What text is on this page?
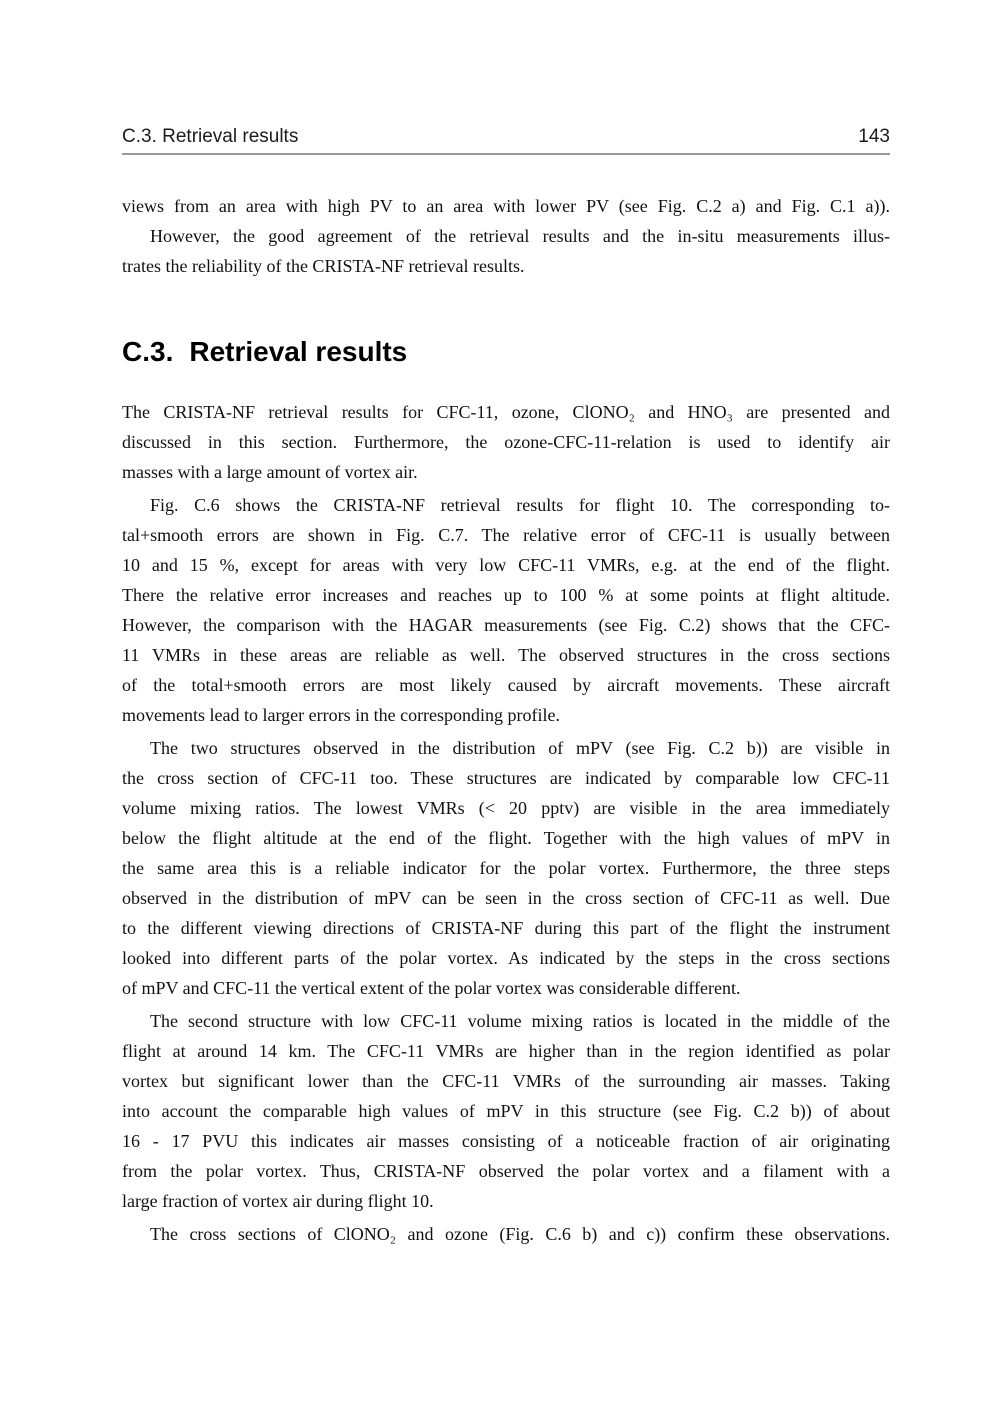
C.3. Retrieval results	143
views from an area with high PV to an area with lower PV (see Fig. C.2 a) and Fig. C.1 a)).
However, the good agreement of the retrieval results and the in-situ measurements illus-
trates the reliability of the CRISTA-NF retrieval results.
C.3. Retrieval results
The CRISTA-NF retrieval results for CFC-11, ozone, ClONO₂ and HNO₃ are presented and
discussed in this section. Furthermore, the ozone-CFC-11-relation is used to identify air
masses with a large amount of vortex air.
Fig. C.6 shows the CRISTA-NF retrieval results for flight 10. The corresponding to-
tal+smooth errors are shown in Fig. C.7. The relative error of CFC-11 is usually between
10 and 15 %, except for areas with very low CFC-11 VMRs, e.g. at the end of the flight.
There the relative error increases and reaches up to 100 % at some points at flight altitude.
However, the comparison with the HAGAR measurements (see Fig. C.2) shows that the CFC-
11 VMRs in these areas are reliable as well. The observed structures in the cross sections
of the total+smooth errors are most likely caused by aircraft movements. These aircraft
movements lead to larger errors in the corresponding profile.
The two structures observed in the distribution of mPV (see Fig. C.2 b)) are visible in
the cross section of CFC-11 too. These structures are indicated by comparable low CFC-11
volume mixing ratios. The lowest VMRs (< 20 pptv) are visible in the area immediately
below the flight altitude at the end of the flight. Together with the high values of mPV in
the same area this is a reliable indicator for the polar vortex. Furthermore, the three steps
observed in the distribution of mPV can be seen in the cross section of CFC-11 as well. Due
to the different viewing directions of CRISTA-NF during this part of the flight the instrument
looked into different parts of the polar vortex. As indicated by the steps in the cross sections
of mPV and CFC-11 the vertical extent of the polar vortex was considerable different.
The second structure with low CFC-11 volume mixing ratios is located in the middle of the
flight at around 14 km. The CFC-11 VMRs are higher than in the region identified as polar
vortex but significant lower than the CFC-11 VMRs of the surrounding air masses. Taking
into account the comparable high values of mPV in this structure (see Fig. C.2 b)) of about
16 - 17 PVU this indicates air masses consisting of a noticeable fraction of air originating
from the polar vortex. Thus, CRISTA-NF observed the polar vortex and a filament with a
large fraction of vortex air during flight 10.
The cross sections of ClONO₂ and ozone (Fig. C.6 b) and c)) confirm these observations.
